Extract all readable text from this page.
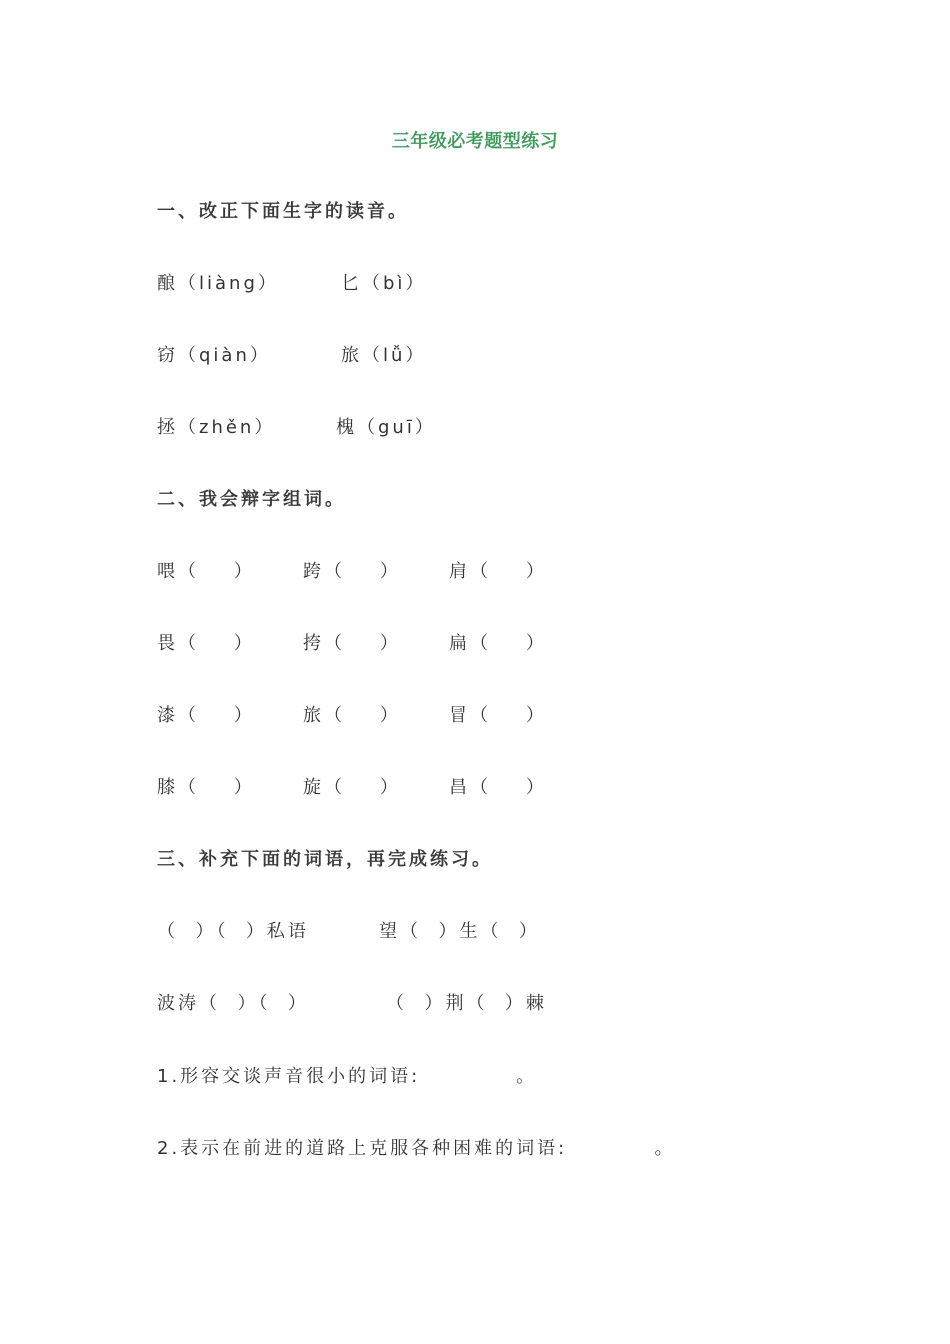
三年级必考题型练习
一、改正下面生字的读音。
酿（liàng）	匕（bì）
窃（qiàn）	旅（lǚ）
拯（zhěn）	槐（guī）
二、我会辩字组词。
喂（    ）	跨（    ）	肩（    ）
畏（    ）	挎（    ）	扁（    ）
漆（    ）	旅（    ）	冒（    ）
膝（    ）	旋（    ）	昌（    ）
三、补充下面的词语，再完成练习。
（  ）（  ）私语	望（  ）生（  ）
波涛（  ）（  ）	（  ）荆（  ）棘
1.形容交谈声音很小的词语:           。
2.表示在前进的道路上克服各种困难的词语:          。
